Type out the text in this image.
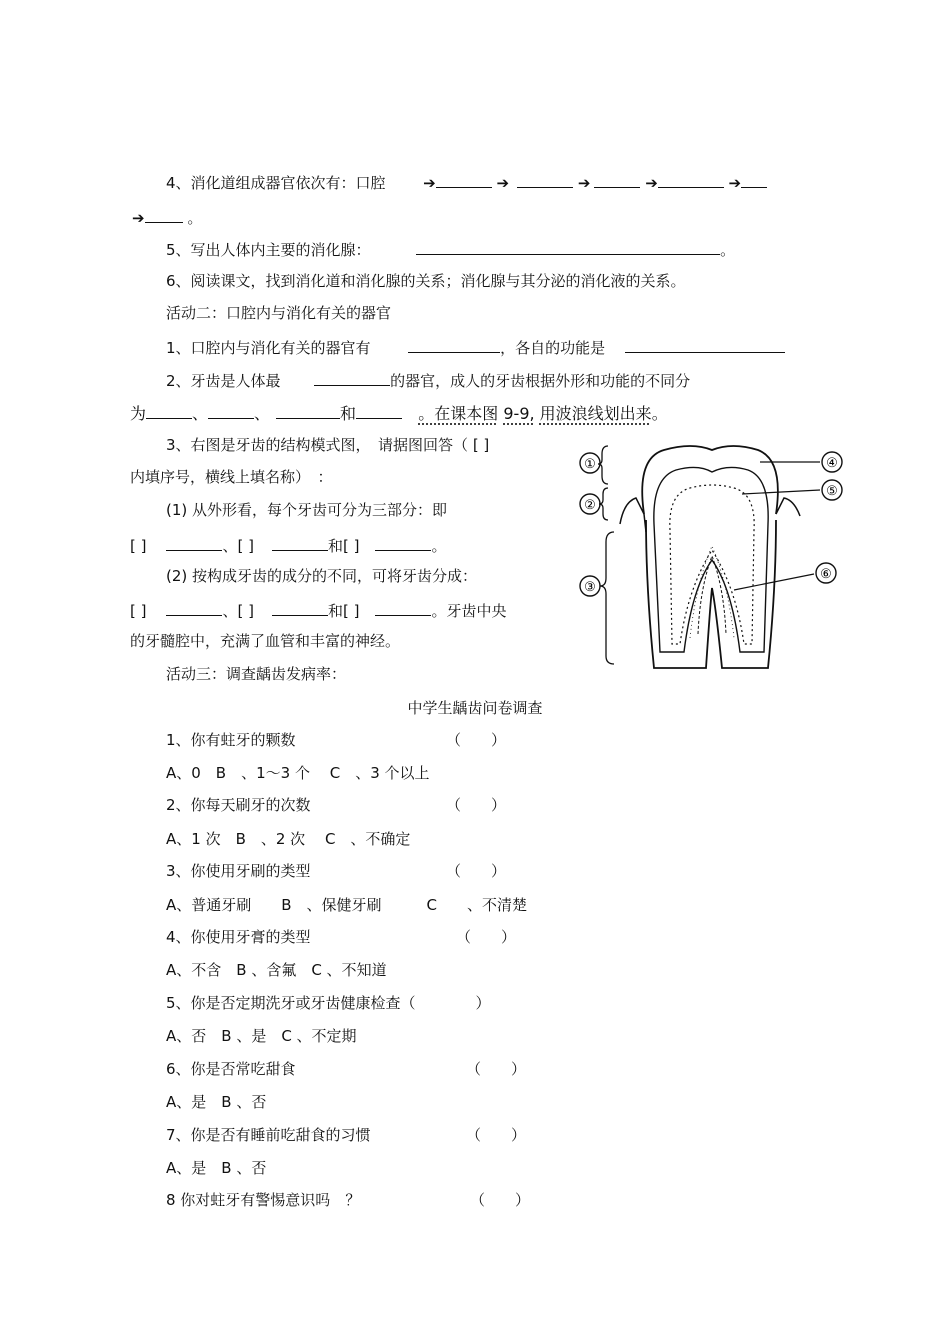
4、消化道组成器官依次有：口腔	➔	➔	➔	➔	➔
➔	。
5、写出人体内主要的消化腺：	。
6、阅读课文，找到消化道和消化腺的关系；消化腺与其分泌的消化液的关系。
活动二：口腔内与消化有关的器官
1、口腔内与消化有关的器官有	，各自的功能是
2、牙齿是人体最	的器官，成人的牙齿根据外形和功能的不同分
为	、	、	和	。在课本图 9-9, 用波浪线划出来。
3、右图是牙齿的结构模式图，　请据图回答（ [ ]
内填序号，横线上填名称）　：
(1) 从外形看，每个牙齿可分为三部分：即
[ ]	、[ ]	和[ ]	。
(2) 按构成牙齿的成分的不同，可将牙齿分成：
[ ]	、[ ]	和[ ]	。牙齿中央
的牙髓腔中，充满了血管和丰富的神经。
活动三：调查龋齿发病率：
①
②
③
④
⑤
⑥
中学生龋齿问卷调查
1、你有蛀牙的颗数	（　　）
A、0　B　、1～3 个　 C　、3 个以上
2、你每天刷牙的次数	（　　）
A、1 次　B　、2 次　 C　、不确定
3、你使用牙刷的类型	（　　）
A、普通牙刷　　B　、保健牙刷　　　C　　、不清楚
4、你使用牙膏的类型	（　　）
A、不含　B 、含氟　C 、不知道
5、你是否定期洗牙或牙齿健康检查（　　　　）
A、否　B 、是　C 、不定期
6、你是否常吃甜食	（　　）
A、是　B 、否
7、你是否有睡前吃甜食的习惯	（　　）
A、是　B 、否
8 你对蛀牙有警惕意识吗　？	（　　）
